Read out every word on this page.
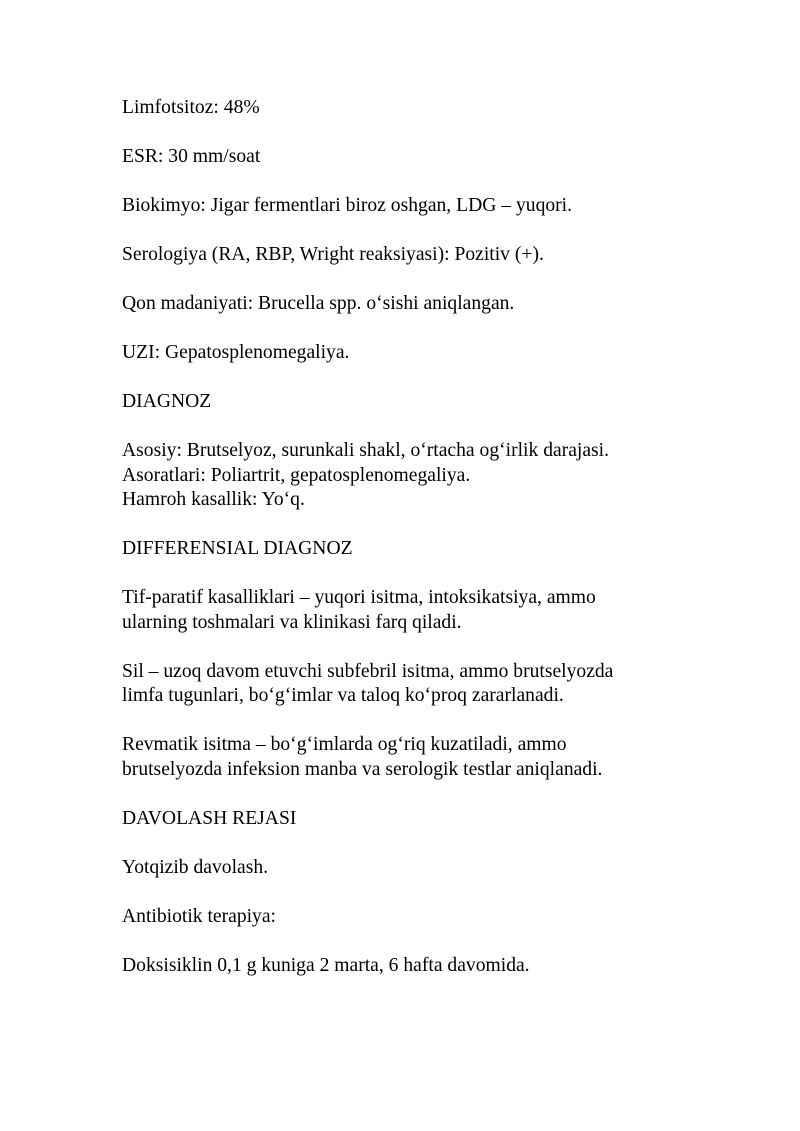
Limfotsitoz: 48%

ESR: 30 mm/soat

Biokimyo: Jigar fermentlari biroz oshgan, LDG – yuqori.

Serologiya (RA, RBP, Wright reaksiyasi): Pozitiv (+).

Qon madaniyati: Brucella spp. o‘sishi aniqlangan.

UZI: Gepatosplenomegaliya.

DIAGNOZ

Asosiy: Brutselyoz, surunkali shakl, o‘rtacha og‘irlik darajasi.
Asoratlari: Poliartrit, gepatosplenomegaliya.
Hamroh kasallik: Yo‘q.

DIFFERENSIAL DIAGNOZ

Tif-paratif kasalliklari – yuqori isitma, intoksikatsiya, ammo
ularning toshmalari va klinikasi farq qiladi.

Sil – uzoq davom etuvchi subfebril isitma, ammo brutselyozda
limfa tugunlari, bo‘g‘imlar va taloq ko‘proq zararlanadi.

Revmatik isitma – bo‘g‘imlarda og‘riq kuzatiladi, ammo
brutselyozda infeksion manba va serologik testlar aniqlanadi.

DAVOLASH REJASI

Yotqizib davolash.

Antibiotik terapiya:

Doksisiklin 0,1 g kuniga 2 marta, 6 hafta davomida.
